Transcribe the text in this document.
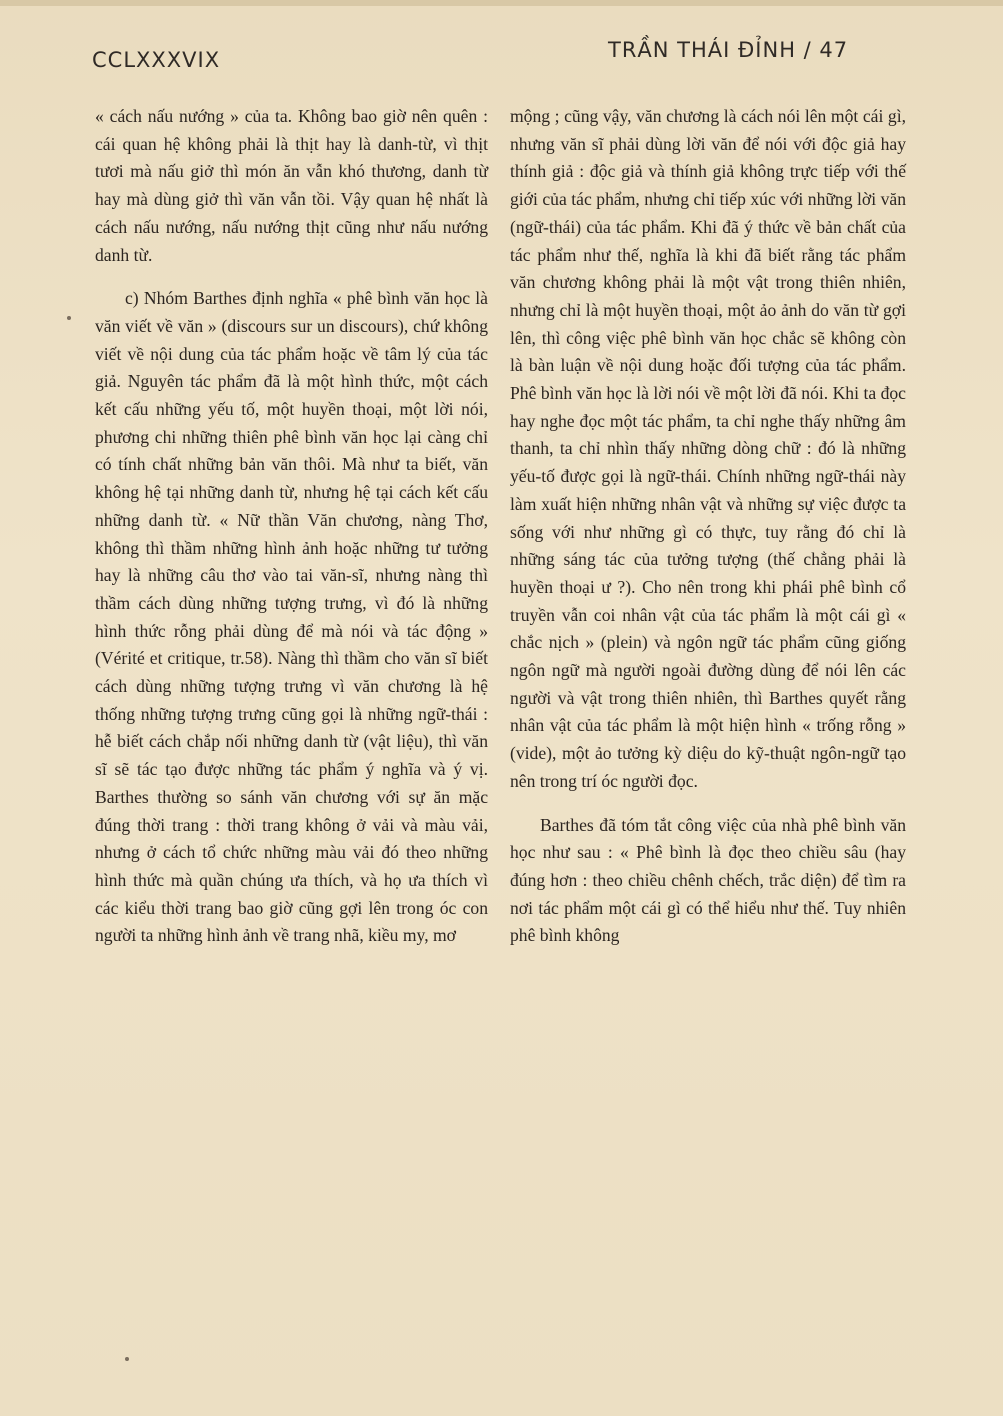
CCLXXXVIX	TRẦN THÁI ĐỈNH / 47

« cách nấu nướng » của ta. Không bao giờ nên quên : cái quan hệ không phải là thịt hay là danh-từ, vì thịt tươi mà nấu giở thì món ăn vẫn khó thương, danh từ hay mà dùng giở thì văn vẫn tồi. Vậy quan hệ nhất là cách nấu nướng, nấu nướng thịt cũng như nấu nướng danh từ.

c) Nhóm Barthes định nghĩa « phê bình văn học là văn viết về văn » (discours sur un discours), chứ không viết về nội dung của tác phẩm hoặc về tâm lý của tác giả. Nguyên tác phẩm đã là một hình thức, một cách kết cấu những yếu tố, một huyền thoại, một lời nói, phương chi những thiên phê bình văn học lại càng chỉ có tính chất những bản văn thôi. Mà như ta biết, văn không hệ tại những danh từ, nhưng hệ tại cách kết cấu những danh từ. « Nữ thần Văn chương, nàng Thơ, không thì thầm những hình ảnh hoặc những tư tưởng hay là những câu thơ vào tai văn-sĩ, nhưng nàng thì thầm cách dùng những tượng trưng, vì đó là những hình thức rỗng phải dùng để mà nói và tác động » (Vérité et critique, tr.58). Nàng thì thầm cho văn sĩ biết cách dùng những tượng trưng vì văn chương là hệ thống những tượng trưng cũng gọi là những ngữ-thái : hễ biết cách chắp nối những danh từ (vật liệu), thì văn sĩ sẽ tác tạo được những tác phẩm ý nghĩa và ý vị. Barthes thường so sánh văn chương với sự ăn mặc đúng thời trang : thời trang không ở vải và màu vải, nhưng ở cách tổ chức những màu vải đó theo những hình thức mà quần chúng ưa thích, và họ ưa thích vì các kiểu thời trang bao giờ cũng gợi lên trong óc con người ta những hình ảnh về trang nhã, kiều my, mơ

mộng ; cũng vậy, văn chương là cách nói lên một cái gì, nhưng văn sĩ phải dùng lời văn để nói với độc giả hay thính giả : độc giả và thính giả không trực tiếp với thế giới của tác phẩm, nhưng chỉ tiếp xúc với những lời văn (ngữ-thái) của tác phẩm. Khi đã ý thức về bản chất của tác phẩm như thế, nghĩa là khi đã biết rằng tác phẩm văn chương không phải là một vật trong thiên nhiên, nhưng chỉ là một huyền thoại, một ảo ảnh do văn từ gợi lên, thì công việc phê bình văn học chắc sẽ không còn là bàn luận về nội dung hoặc đối tượng của tác phẩm. Phê bình văn học là lời nói về một lời đã nói. Khi ta đọc hay nghe đọc một tác phẩm, ta chỉ nghe thấy những âm thanh, ta chỉ nhìn thấy những dòng chữ : đó là những yếu-tố được gọi là ngữ-thái. Chính những ngữ-thái này làm xuất hiện những nhân vật và những sự việc được ta sống với như những gì có thực, tuy rằng đó chỉ là những sáng tác của tưởng tượng (thế chẳng phải là huyền thoại ư ?). Cho nên trong khi phái phê bình cổ truyền vẫn coi nhân vật của tác phẩm là một cái gì « chắc nịch » (plein) và ngôn ngữ tác phẩm cũng giống ngôn ngữ mà người ngoài đường dùng để nói lên các người và vật trong thiên nhiên, thì Barthes quyết rằng nhân vật của tác phẩm là một hiện hình « trống rỗng » (vide), một ảo tưởng kỳ diệu do kỹ-thuật ngôn-ngữ tạo nên trong trí óc người đọc.

Barthes đã tóm tắt công việc của nhà phê bình văn học như sau : « Phê bình là đọc theo chiều sâu (hay đúng hơn : theo chiều chênh chếch, trắc diện) để tìm ra nơi tác phẩm một cái gì có thể hiểu như thế. Tuy nhiên phê bình không
